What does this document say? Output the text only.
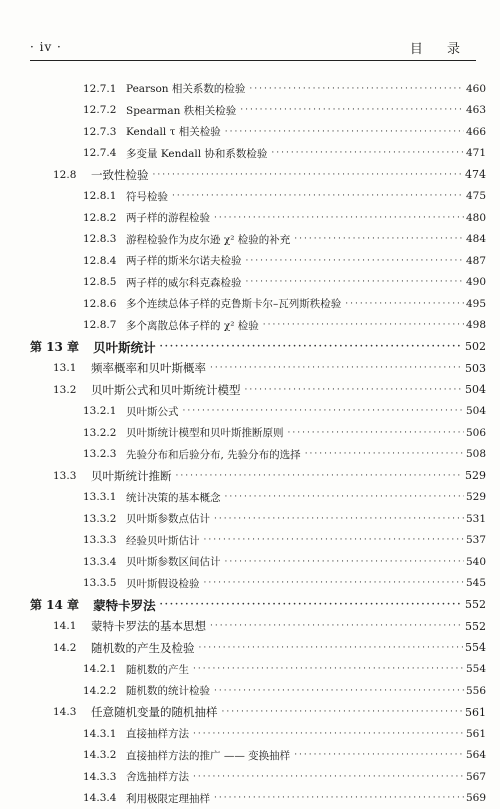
· iv ·	目 录
12.7.1 Pearson 相关系数的检验 ·····	460
12.7.2 Spearman 秩相关检验 ·····	463
12.7.3 Kendall τ 相关检验 ·····	466
12.7.4 多变量 Kendall 协和系数检验 ·····	471
12.8	一致性检验 ·····	474
12.8.1 符号检验 ·····	475
12.8.2 两子样的游程检验 ·····	480
12.8.3 游程检验作为皮尔逊 χ² 检验的补充 ·····	484
12.8.4 两子样的斯米尔诺夫检验 ·····	487
12.8.5 两子样的威尔科克森检验 ·····	490
12.8.6 多个连续总体子样的克鲁斯卡尔–瓦列斯秩检验 ·····	495
12.8.7 多个离散总体子样的 χ² 检验 ·····	498
第 13 章 贝叶斯统计 ·····	502
13.1	频率概率和贝叶斯概率 ·····	503
13.2	贝叶斯公式和贝叶斯统计模型 ·····	504
13.2.1 贝叶斯公式 ·····	504
13.2.2 贝叶斯统计模型和贝叶斯推断原则 ·····	506
13.2.3 先验分布和后验分布, 先验分布的选择 ·····	508
13.3	贝叶斯统计推断 ·····	529
13.3.1 统计决策的基本概念 ·····	529
13.3.2 贝叶斯参数点估计 ·····	531
13.3.3 经验贝叶斯估计 ·····	537
13.3.4 贝叶斯参数区间估计 ·····	540
13.3.5 贝叶斯假设检验 ·····	545
第 14 章 蒙特卡罗法 ·····	552
14.1	蒙特卡罗法的基本思想 ·····	552
14.2	随机数的产生及检验 ·····	554
14.2.1 随机数的产生 ·····	554
14.2.2 随机数的统计检验 ·····	556
14.3	任意随机变量的随机抽样 ·····	561
14.3.1 直接抽样方法 ·····	561
14.3.2 直接抽样方法的推广 —— 变换抽样 ·····	564
14.3.3 舍选抽样方法 ·····	567
14.3.4 利用极限定理抽样 ·····	569
